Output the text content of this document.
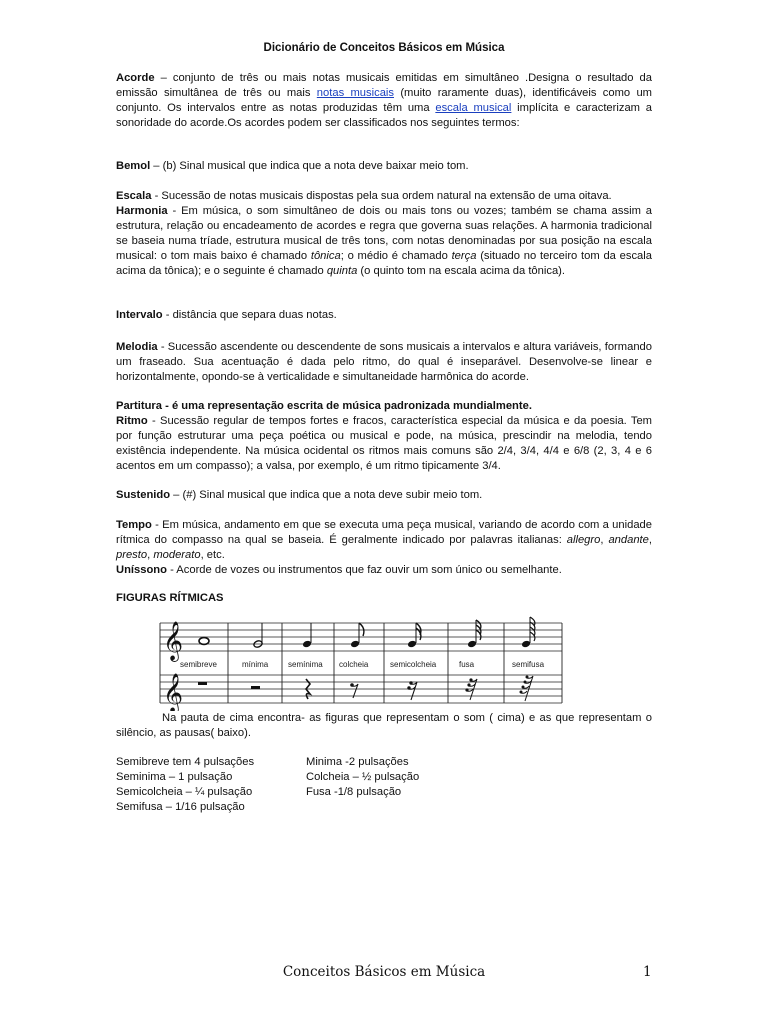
Dicionário de Conceitos Básicos em Música

Acorde – conjunto de três ou mais notas musicais emitidas em simultâneo .Designa o resultado da emissão simultânea de três ou mais notas musicais (muito raramente duas), identificáveis como um conjunto. Os intervalos entre as notas produzidas têm uma escala musical implícita e caracterizam a sonoridade do acorde.Os acordes podem ser classificados nos seguintes termos:

Bemol – (b) Sinal musical que indica que a nota deve baixar meio tom.

Escala - Sucessão de notas musicais dispostas pela sua ordem natural na extensão de uma oitava.

Harmonia - Em música, o som simultâneo de dois ou mais tons ou vozes; também se chama assim a estrutura, relação ou encadeamento de acordes e regra que governa suas relações. A harmonia tradicional se baseia numa tríade, estrutura musical de três tons, com notas denominadas por sua posição na escala musical: o tom mais baixo é chamado tônica; o médio é chamado terça (situado no terceiro tom da escala acima da tônica); e o seguinte é chamado quinta (o quinto tom na escala acima da tônica).

Intervalo - distância que separa duas notas.

Melodia - Sucessão ascendente ou descendente de sons musicais a intervalos e altura variáveis, formando um fraseado. Sua acentuação é dada pelo ritmo, do qual é inseparável. Desenvolve-se linear e horizontalmente, opondo-se à verticalidade e simultaneidade harmônica do acorde.

Partitura - é uma representação escrita de música padronizada mundialmente.

Ritmo - Sucessão regular de tempos fortes e fracos, característica especial da música e da poesia. Tem por função estruturar uma peça poética ou musical e pode, na música, prescindir na melodia, tendo existência independente. Na música ocidental os ritmos mais comuns são 2/4, 3/4, 4/4 e 6/8 (2, 3, 4 e 6 acentos em um compasso); a valsa, por exemplo, é um ritmo tipicamente 3/4.

Sustenido – (#) Sinal musical que indica que a nota deve subir meio tom.

Tempo - Em música, andamento em que se executa uma peça musical, variando de acordo com a unidade rítmica do compasso na qual se baseia. É geralmente indicado por palavras italianas: allegro, andante, presto, moderato, etc.

Uníssono - Acorde de vozes ou instrumentos que faz ouvir um som único ou semelhante.

FIGURAS RÍTMICAS
𝄞
𝄞
semibreve	mínima semínima colcheia	semicolcheia	fusa	semifusa
Na pauta de cima encontra- as figuras que representam o som ( cima) e as que representam o silêncio, as pausas( baixo).
Semibreve tem 4 pulsações	Minima -2 pulsações
Seminima – 1 pulsação	Colcheia – ½ pulsação
Semicolcheia – ¼ pulsação	Fusa -1/8 pulsação
Semifusa – 1/16 pulsação
Conceitos Básicos em Música	1
